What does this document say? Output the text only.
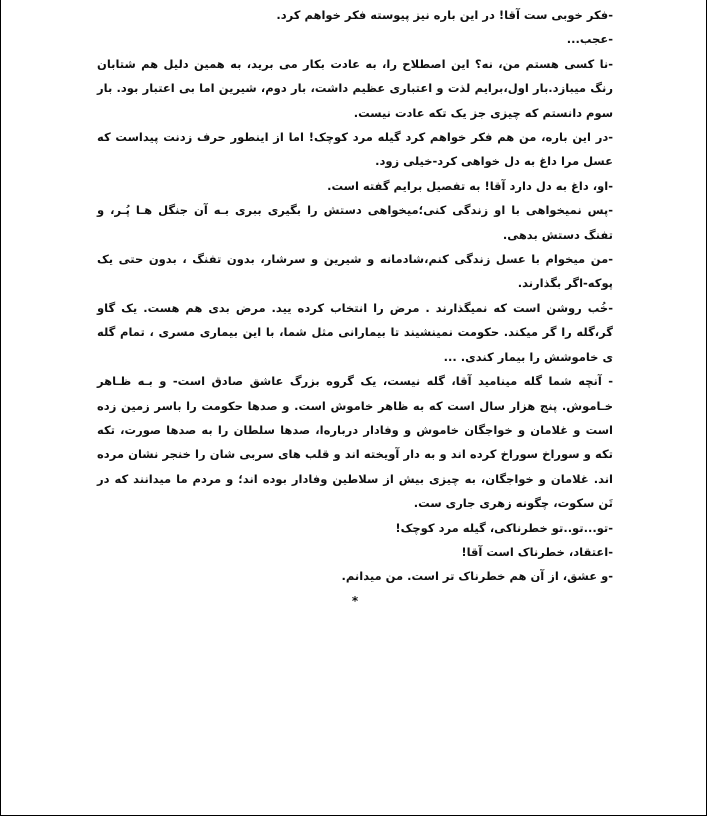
-فکر خوبی ست آقا! در این باره نیز پیوسته فکر خواهم کرد.

-عجب...

-نا کسی هستم من، نه؟ این اصطلاح را، به عادت بکار می برید، به همین دلیل هم شتابان رنگ میبازد.بار اول،برایم لذت و اعتباری عظیم داشت، بار دوم، شیرین اما بی اعتبار بود. بار سوم دانستم که چیزی جز یک تکه عادت نیست.

-در این باره، من هم فکر خواهم کرد گیله مرد کوچک! اما از اینطور حرف زدنت پیداست که عسل مرا داغ به دل خواهی کرد-خیلی زود.

-او، داغ به دل دارد آقا! به تفصیل برایم گفته است.

-پس نمیخواهی با او زندگی کنی؛میخواهی دستش را بگیری ببری بـه آن جنگل هـا پُـر، و تفنگ دستش بدهی.

-من میخوام با عسل زندگی کنم،شادمانه و شیرین و سرشار، بدون تفنگ ، بدون حتی یک پوکه-اگر بگذارند.

-خُب روشن است که نمیگذارند . مرض را انتخاب کرده یید. مرض بدی هم هست. یک گاو گر،گله را گر میکند. حکومت نمینشیند تا بیمارانی مثل شما، با این بیماری مسری ، تمام گله ی خاموشش را بیمار کندی. ...

- آنچه شما گله مینامید آقا، گله نیست، یک گروه بزرگ عاشق صادق است- و بـه ظـاهر خـاموش. پنج هزار سال است که به ظاهر خاموش است. و صدها حکومت را باسر زمین زده است و غلامان و خواجگان خاموش و وفادار درباره‌ا، صدها سلطان را به صدها صورت، تکه تکه و سوراخ سوراخ کرده اند و به دار آویخته اند و قلب های سربی شان را خنجر نشان مرده اند. غلامان و خواجگان، به چیزی بیش از سلاطین وفادار بوده اند؛ و مردم ما میدانند که در تَن سکوت، چگونه زهری جاری ست.

-تو...تو..تو خطرناکی، گیله مرد کوچک!

-اعتقاد، خطرناک است آقا!

-و عشق، از آن هم خطرناک تر است. من میدانم.

*
